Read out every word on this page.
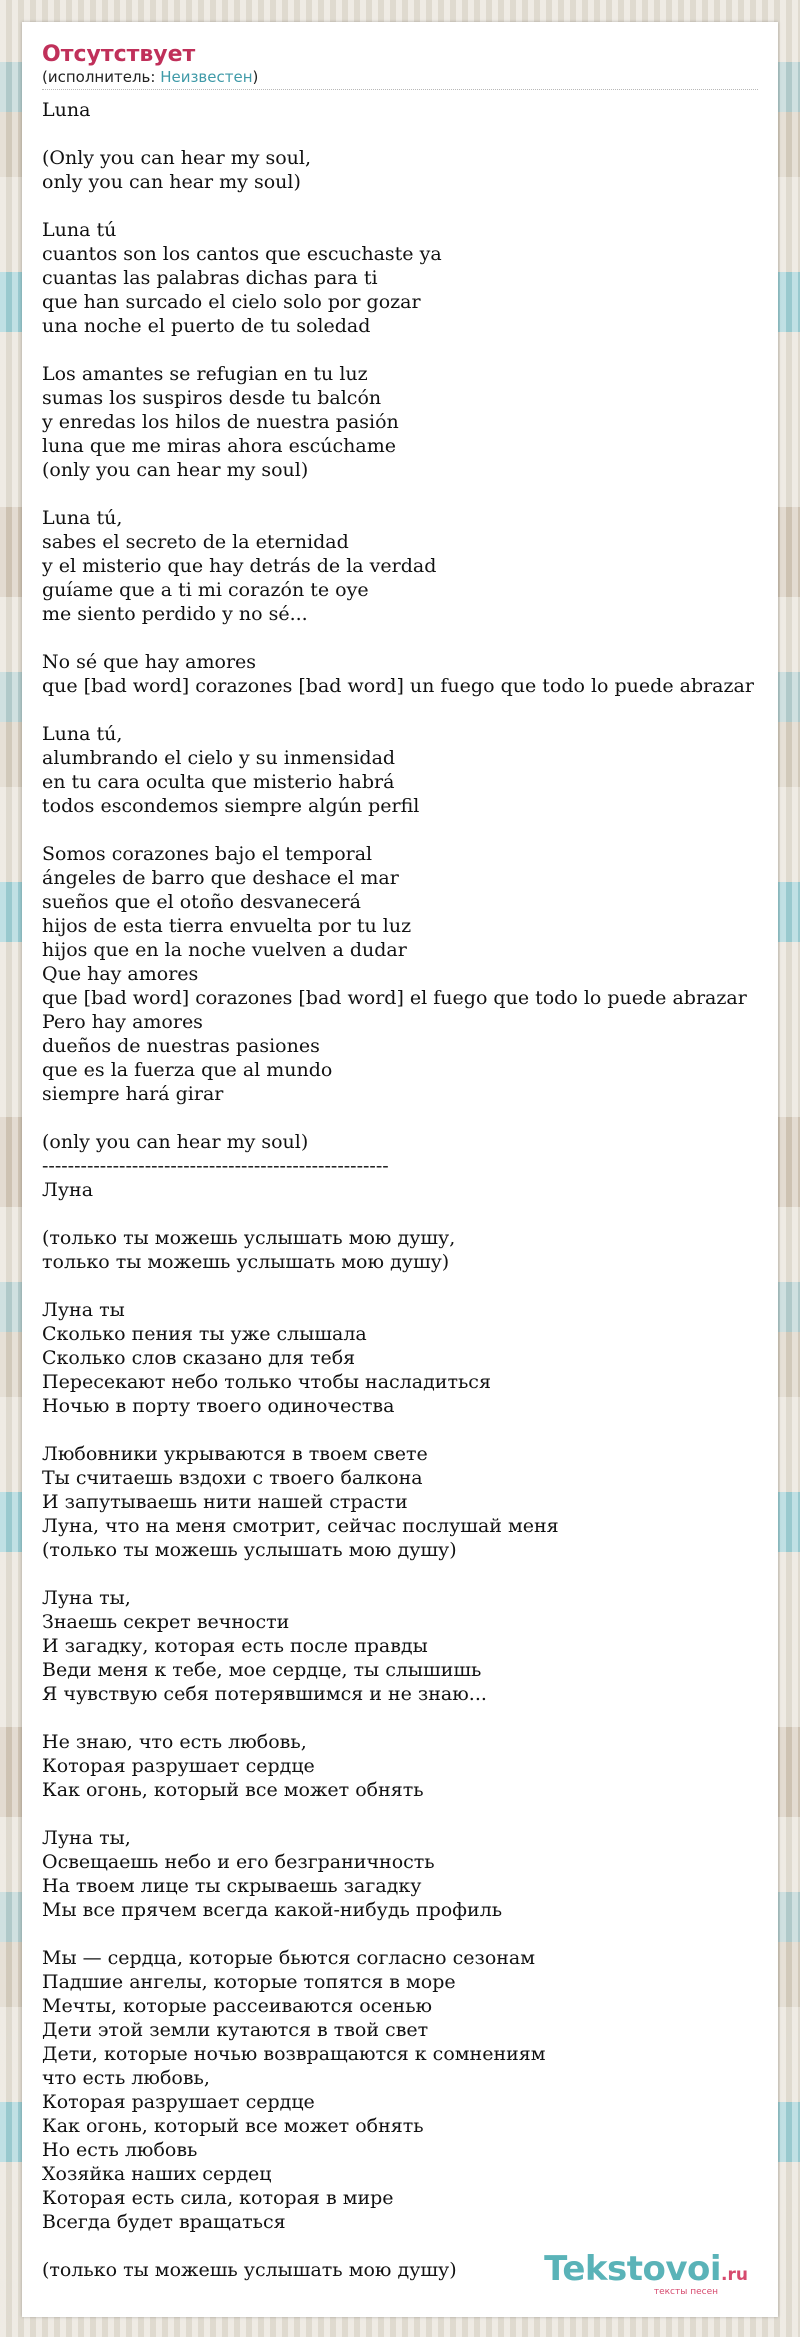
Отсутствует
(исполнитель: Неизвестен)
Luna
(Only you can hear my soul,
only you can hear my soul)
Luna tú
cuantos son los cantos que escuchaste ya
cuantas las palabras dichas para ti
que han surcado el cielo solo por gozar
una noche el puerto de tu soledad
Los amantes se refugian en tu luz
sumas los suspiros desde tu balcón
y enredas los hilos de nuestra pasión
luna que me miras ahora escúchame
(only you can hear my soul)
Luna tú,
sabes el secreto de la eternidad
y el misterio que hay detrás de la verdad
guíame que a ti mi corazón te oye
me siento perdido y no sé...
No sé que hay amores
que [bad word] corazones [bad word] un fuego que todo lo puede abrazar
Luna tú,
alumbrando el cielo y su inmensidad
en tu cara oculta que misterio habrá
todos escondemos siempre algún perfil
Somos corazones bajo el temporal
ángeles de barro que deshace el mar
sueños que el otoño desvanecerá
hijos de esta tierra envuelta por tu luz
hijos que en la noche vuelven a dudar
Que hay amores
que [bad word] corazones [bad word] el fuego que todo lo puede abrazar
Pero hay amores
dueños de nuestras pasiones
que es la fuerza que al mundo
siempre hará girar
(only you can hear my soul)
------------------------------------------------------
Луна
(только ты можешь услышать мою душу,
только ты можешь услышать мою душу)
Луна ты
Сколько пения ты уже слышала
Сколько слов сказано для тебя
Пересекают небо только чтобы насладиться
Ночью в порту твоего одиночества
Любовники укрываются в твоем свете
Ты считаешь вздохи с твоего балкона
И запутываешь нити нашей страсти
Луна, что на меня смотрит, сейчас послушай меня
(только ты можешь услышать мою душу)
Луна ты,
Знаешь секрет вечности
И загадку, которая есть после правды
Веди меня к тебе, мое сердце, ты слышишь
Я чувствую себя потерявшимся и не знаю...
Не знаю, что есть любовь,
Которая разрушает сердце
Как огонь, который все может обнять
Луна ты,
Освещаешь небо и его безграничность
На твоем лице ты скрываешь загадку
Мы все прячем всегда какой-нибудь профиль
Мы — сердца, которые бьются согласно сезонам
Падшие ангелы, которые топятся в море
Мечты, которые рассеиваются осенью
Дети этой земли кутаются в твой свет
Дети, которые ночью возвращаются к сомнениям
что есть любовь,
Которая разрушает сердце
Как огонь, который все может обнять
Но есть любовь
Хозяйка наших сердец
Которая есть сила, которая в мире
Всегда будет вращаться
(только ты можешь услышать мою душу)	Tekstovoi.ru
тексты песен
